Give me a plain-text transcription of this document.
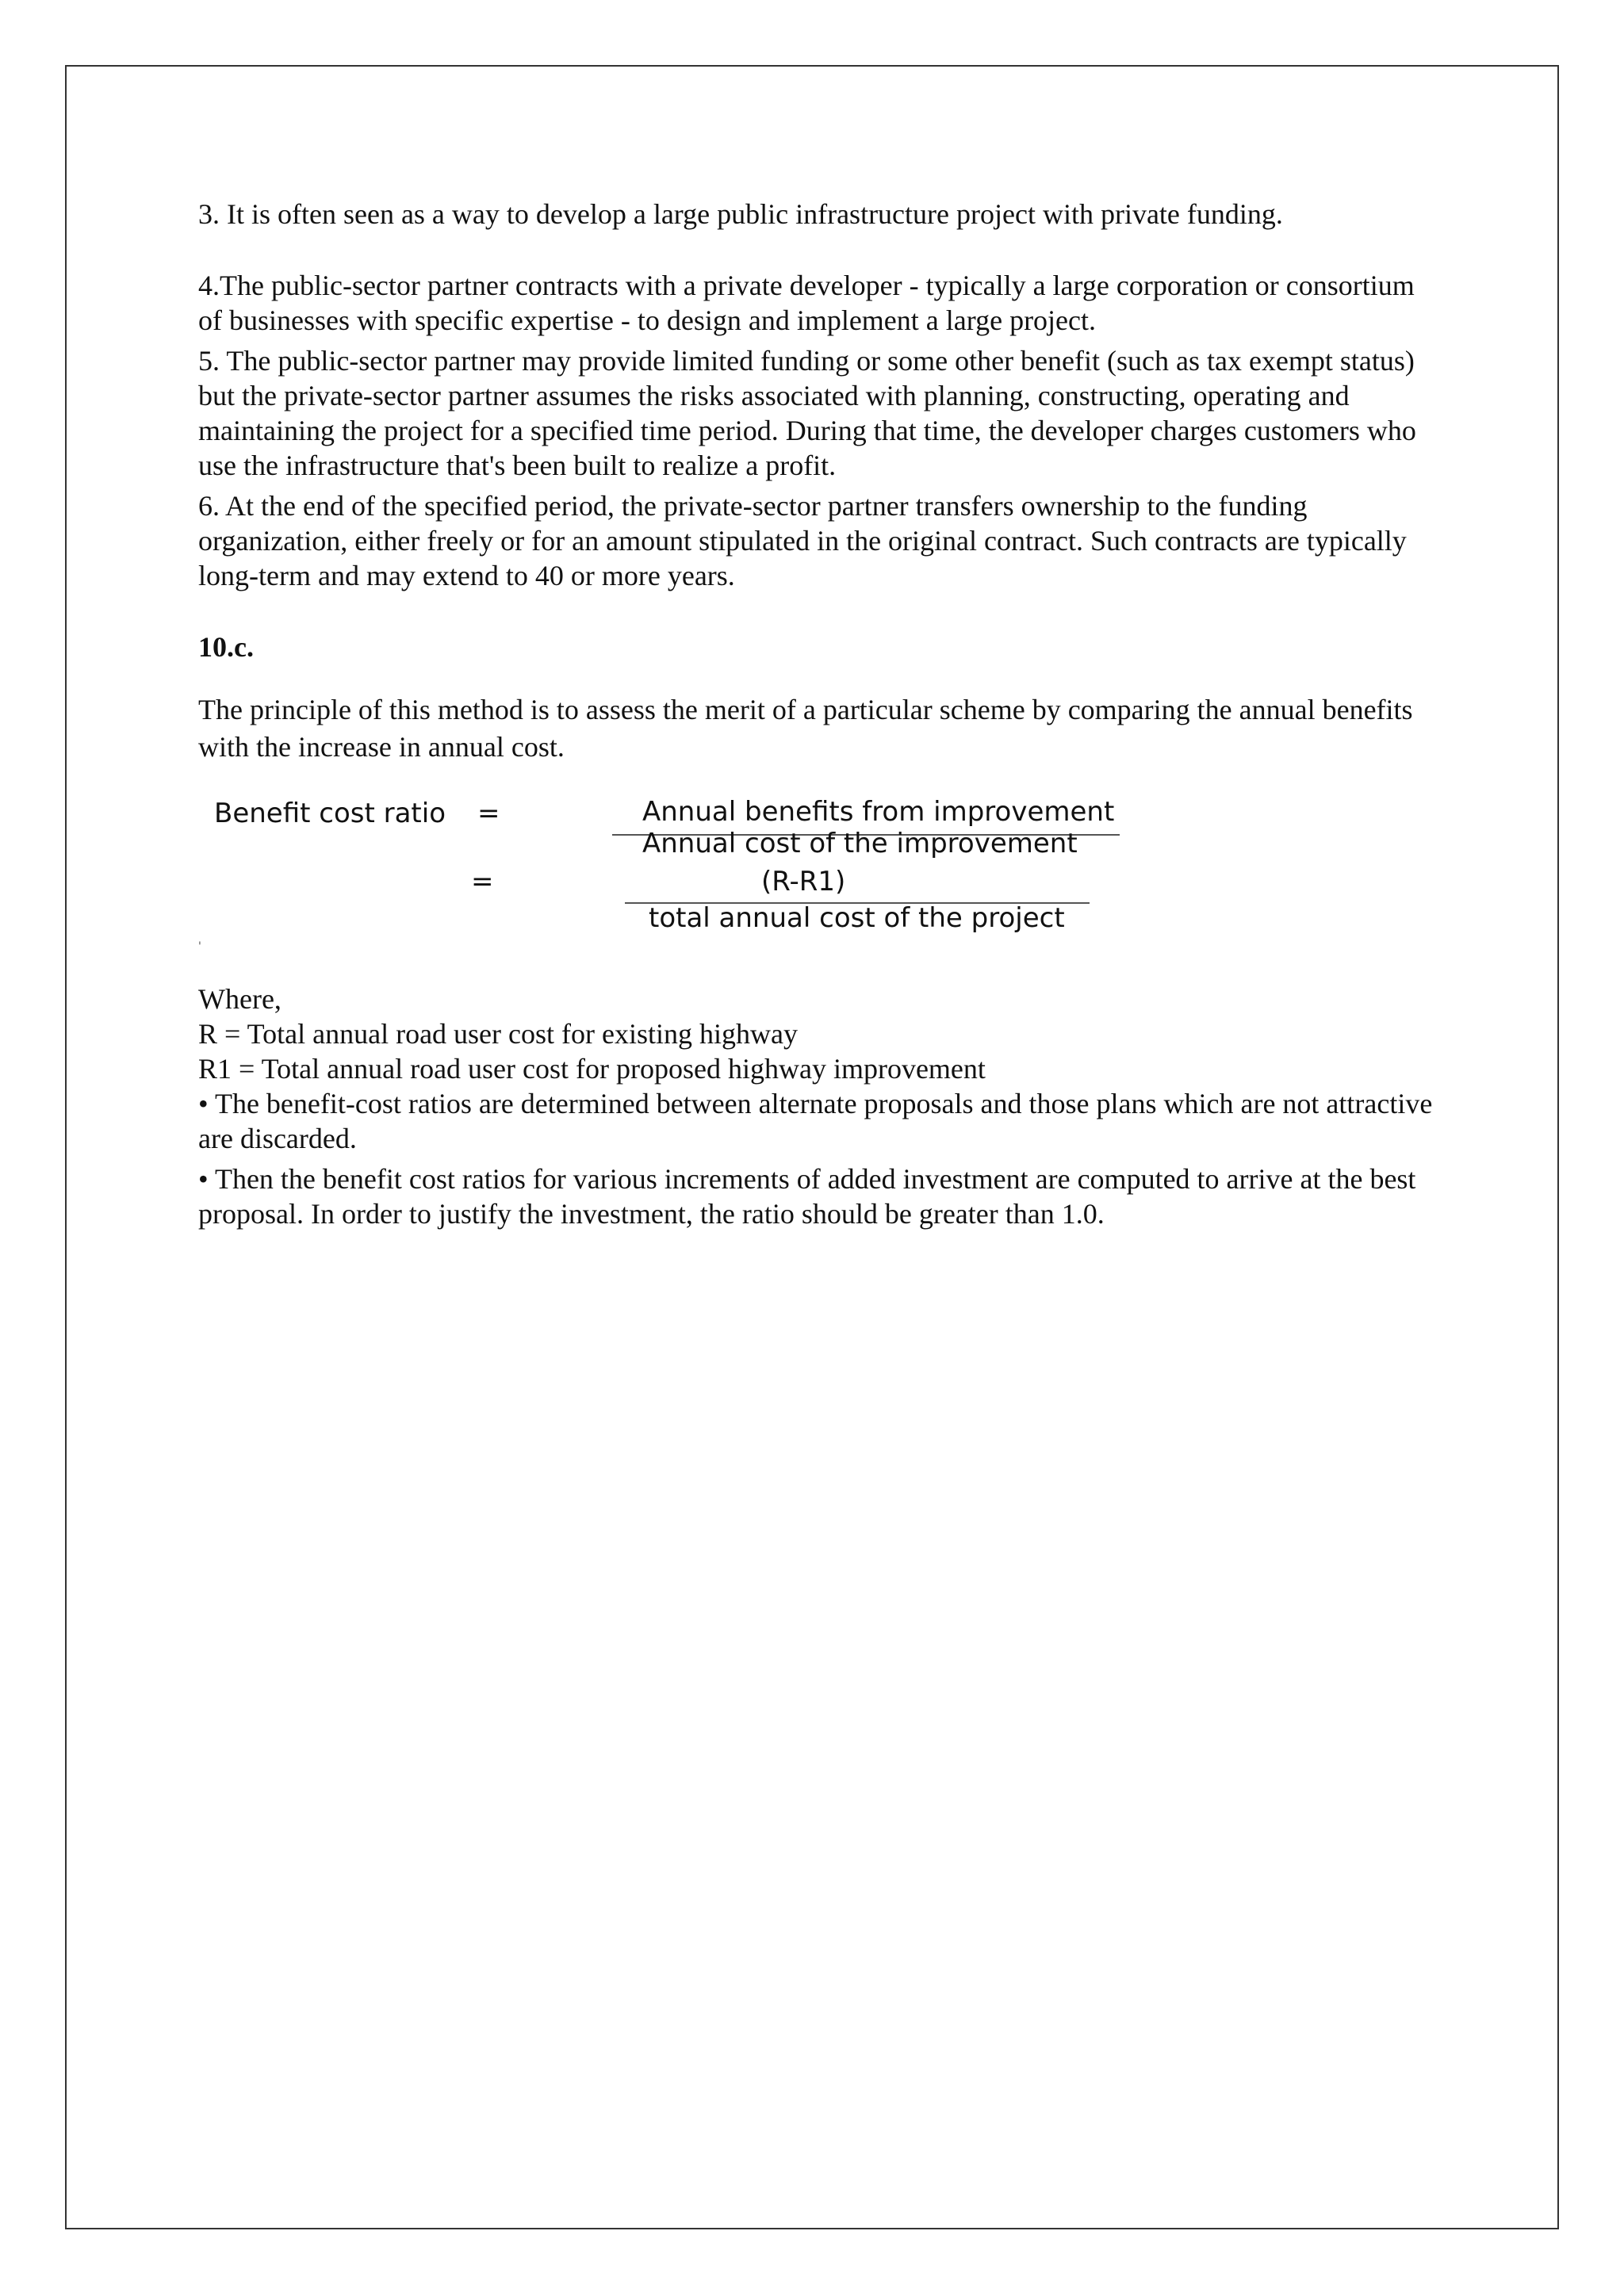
3. It is often seen as a way to develop a large public infrastructure project with private funding.

4.The public-sector partner contracts with a private developer - typically a large corporation or consortium of businesses with specific expertise - to design and implement a large project.

5. The public-sector partner may provide limited funding or some other benefit (such as tax exempt status) but the private-sector partner assumes the risks associated with planning, constructing, operating and maintaining the project for a specified time period. During that time, the developer charges customers who use the infrastructure that's been built to realize a profit.

6. At the end of the specified period, the private-sector partner transfers ownership to the funding organization, either freely or for an amount stipulated in the original contract. Such contracts are typically long-term and may extend to 40 or more years.

10.c.

The principle of this method is to assess the merit of a particular scheme by comparing the annual benefits with the increase in annual cost.

Benefit cost ratio =	Annual benefits from improvement
Annual cost of the improvement
=	(R-R1)
total annual cost of the project
'

Where,

R = Total annual road user cost for existing highway

R1 = Total annual road user cost for proposed highway improvement

• The benefit-cost ratios are determined between alternate proposals and those plans which are not attractive are discarded.

• Then the benefit cost ratios for various increments of added investment are computed to arrive at the best proposal. In order to justify the investment, the ratio should be greater than 1.0.
